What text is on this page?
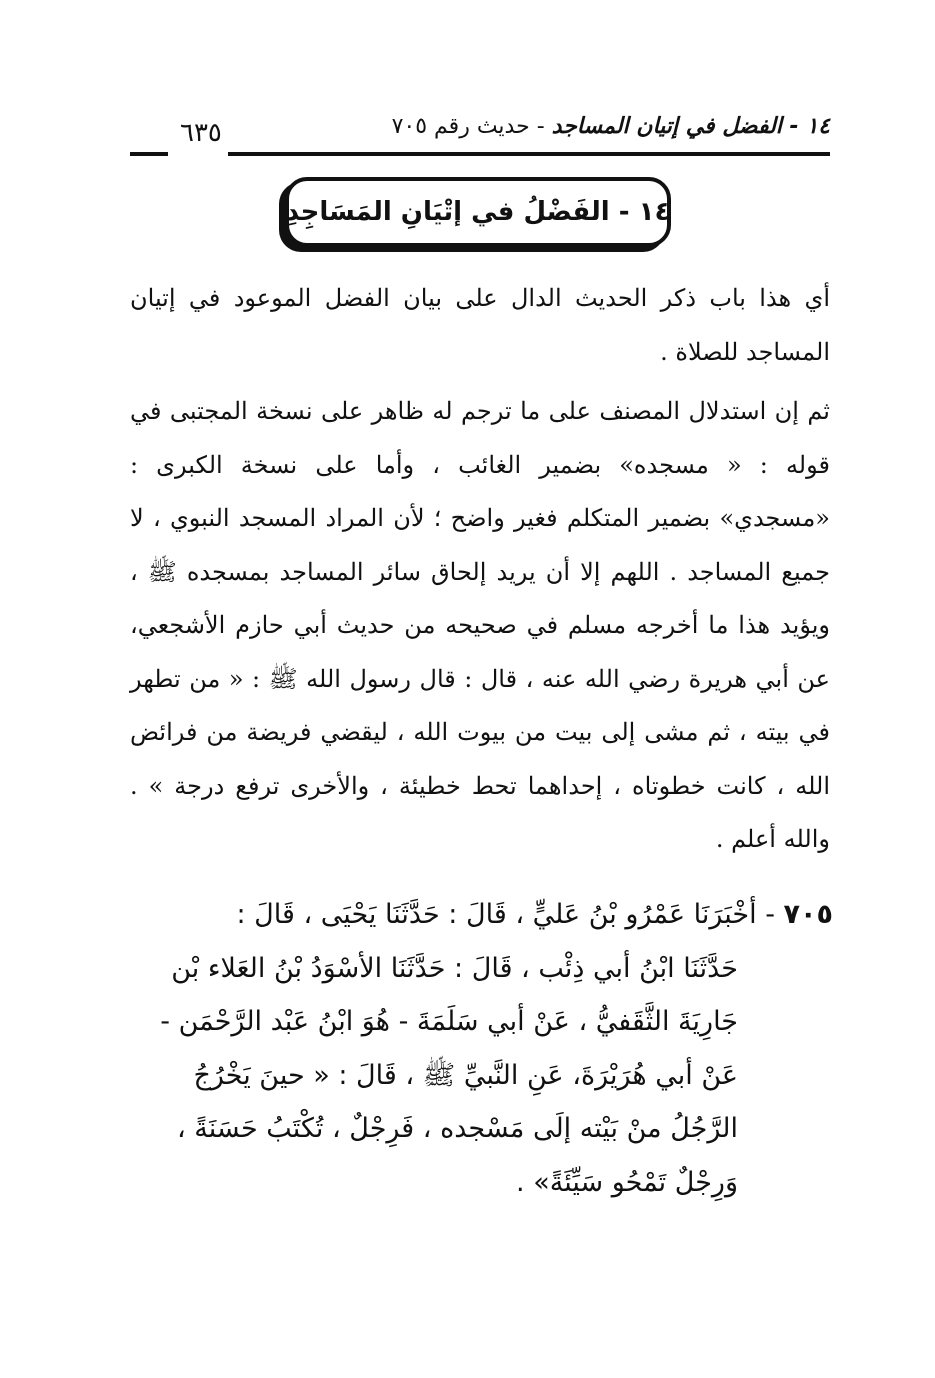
٦٣٥	١٤ - الفضل في إتيان المساجد - حديث رقم ٧٠٥
١٤ - الفَضْلُ في إتْيَانِ المَسَاجِدِ
أي هذا باب ذكر الحديث الدال على بيان الفضل الموعود في إتيان المساجد للصلاة .
ثم إن استدلال المصنف على ما ترجم له ظاهر على نسخة المجتبى في قوله : « مسجده» بضمير الغائب ، وأما على نسخة الكبرى : «مسجدي» بضمير المتكلم فغير واضح ؛ لأن المراد المسجد النبوي ، لا جميع المساجد . اللهم إلا أن يريد إلحاق سائر المساجد بمسجده ﷺ ، ويؤيد هذا ما أخرجه مسلم في صحيحه من حديث أبي حازم الأشجعي، عن أبي هريرة رضي الله عنه ، قال : قال رسول الله ﷺ : « من تطهر في بيته ، ثم مشى إلى بيت من بيوت الله ، ليقضي فريضة من فرائض الله ، كانت خطوتاه ، إحداهما تحط خطيئة ، والأخرى ترفع درجة » . والله أعلم .
٧٠٥ - أخْبَرَنَا عَمْرُو بْنُ عَليٍّ ، قَالَ : حَدَّثَنَا يَحْيَى ، قَالَ :
حَدَّثَنَا ابْنُ أبي ذِئْب ، قَالَ : حَدَّثَنَا الأسْوَدُ بْنُ العَلاء بْن
جَارِيَةَ الثَّقَفيُّ ، عَنْ أبي سَلَمَةَ - هُوَ ابْنُ عَبْد الرَّحْمَن -
عَنْ أبي هُرَيْرَةَ، عَنِ النَّبيِّ ﷺ ، قَالَ : « حينَ يَخْرُجُ
الرَّجُلُ منْ بَيْته إلَى مَسْجده ، فَرِجْلٌ ، تُكْتَبُ حَسَنَةً ،
وَرِجْلٌ تَمْحُو سَيِّئَةً» .
